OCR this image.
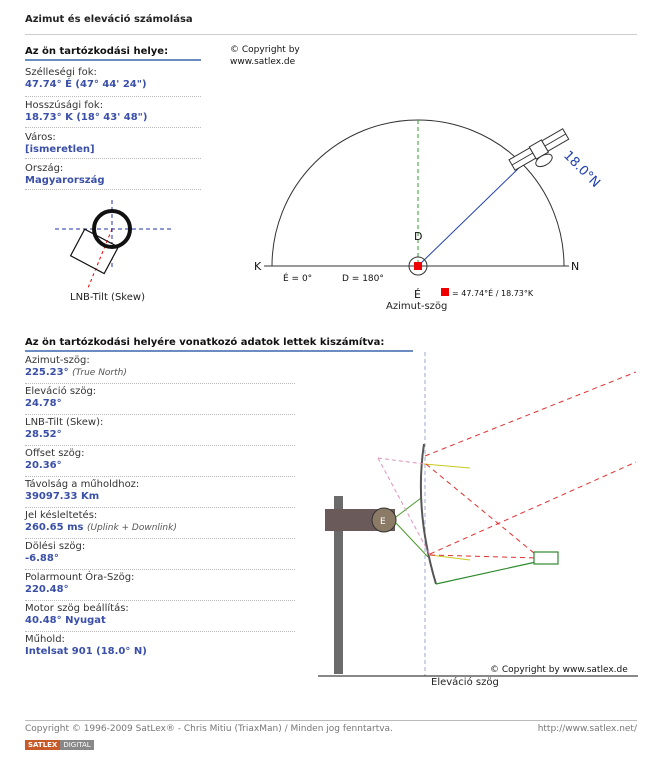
Azimut és eleváció számolása
Az ön tartózkodási helye:
Szélleségi fok:
47.74° É (47° 44' 24")
Hosszúsági fok:
18.73° K (18° 43' 48")
Város:
[ismeretlen]
Ország:
Magyarország
LNB-Tilt (Skew)
© Copyright by
www.satlex.de
18.0°N
D
É
K	N
É = 0°	D = 180°
= 47.74°É / 18.73°K
Azimut-szög
Az ön tartózkodási helyére vonatkozó adatok lettek kiszámítva:
Azimut-szög:
225.23° (True North)
Eleváció szög:
24.78°
LNB-Tilt (Skew):
28.52°
Offset szög:
20.36°
Távolság a műholdhoz:
39097.33 Km
Jel késleltetés:
260.65 ms (Uplink + Downlink)
Dölési szög:
-6.88°
Polarmount Óra-Szög:
220.48°
Motor szög beállítás:
40.48° Nyugat
Műhold:
Intelsat 901 (18.0° N)
E
© Copyright by www.satlex.de
Eleváció szög
Copyright © 1996-2009 SatLex® - Chris Mitiu (TriaxMan) / Minden jog fenntartva.	http://www.satlex.net/
SATLEX DIGITAL
